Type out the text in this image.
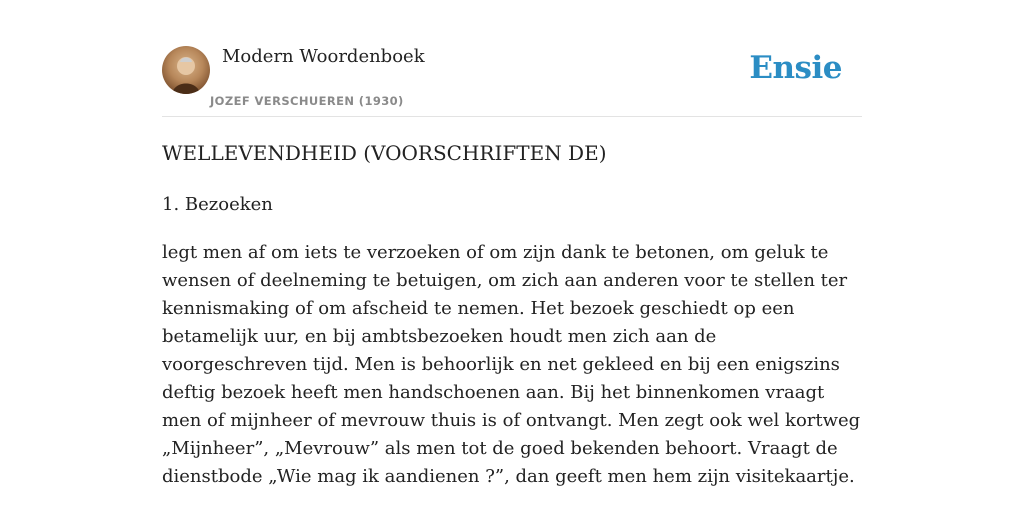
Modern Woordenboek
JOZEF VERSCHUEREN (1930)
Ensie
WELLEVENDHEID (VOORSCHRIFTEN DE)

1. Bezoeken

legt men af om iets te verzoeken of om zijn dank te betonen, om geluk te wensen of deelneming te betuigen, om zich aan anderen voor te stellen ter kennismaking of om afscheid te nemen. Het bezoek geschiedt op een betamelijk uur, en bij ambtsbezoeken houdt men zich aan de voorgeschreven tijd. Men is behoorlijk en net gekleed en bij een enigszins deftig bezoek heeft men handschoenen aan. Bij het binnenkomen vraagt men of mijnheer of mevrouw thuis is of ontvangt. Men zegt ook wel kortweg „Mijnheer”, „Mevrouw” als men tot de goed bekenden behoort. Vraagt de dienstbode „Wie mag ik aandienen ?”, dan geeft men hem zijn visitekaartje.
